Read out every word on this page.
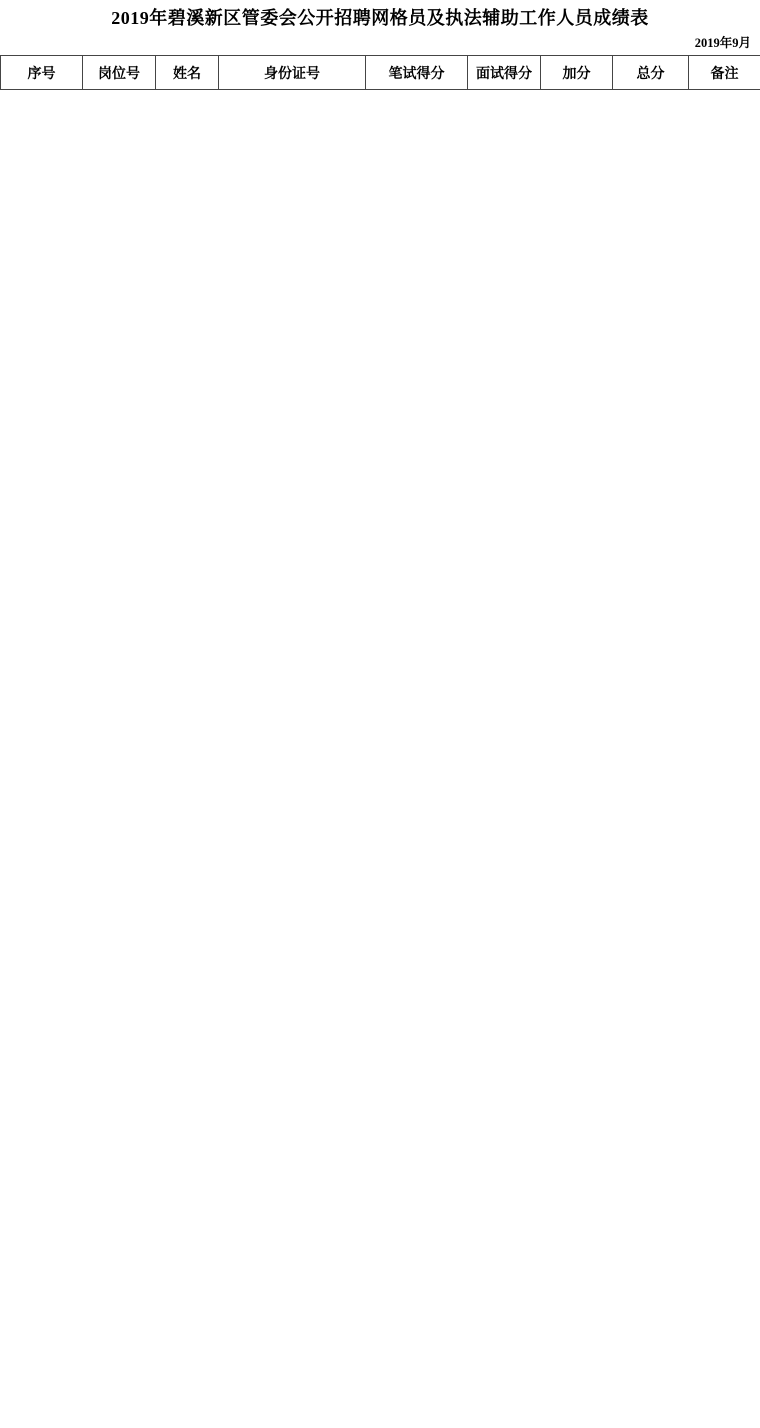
2019年碧溪新区管委会公开招聘网格员及执法辅助工作人员成绩表
2019年9月
序号	岗位号	姓名	身份证号	笔试得分	面试得分	加分	总分	备注
